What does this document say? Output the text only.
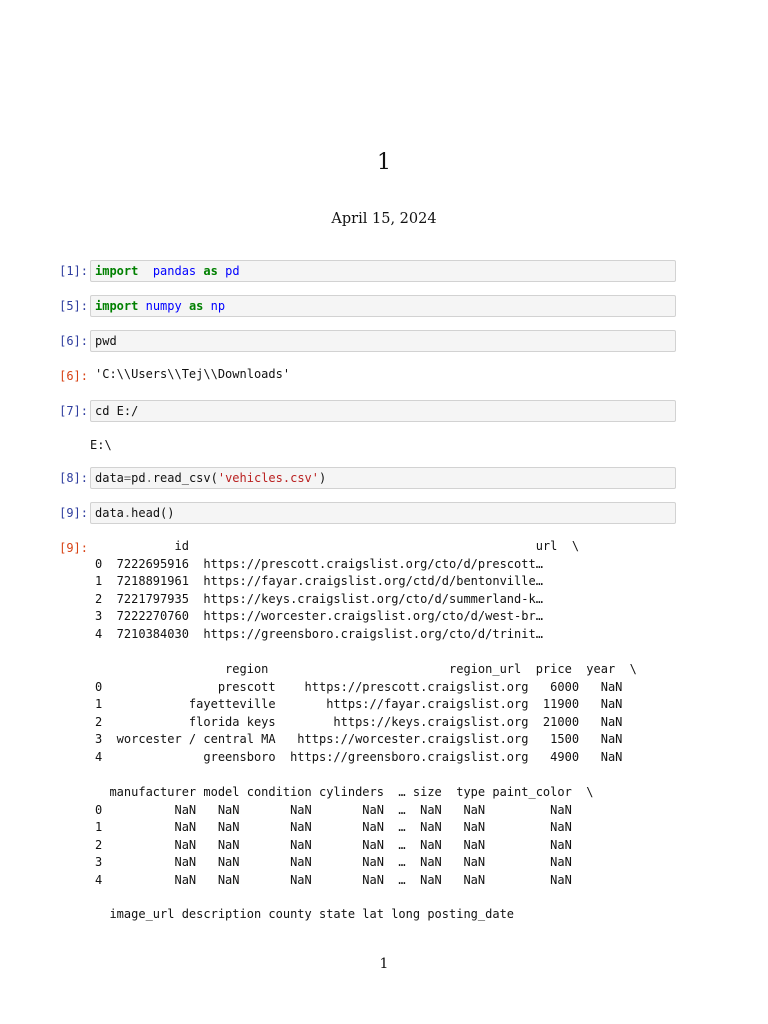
1
April 15, 2024
[1]: import pandas as pd
[5]: import numpy as np
[6]: pwd
[6]: 'C:\\Users\\Tej\\Downloads'
[7]: cd E:/
E:\
[8]: data=pd.read_csv('vehicles.csv')
[9]: data.head()
[9]: id                                                url  \
0  7222695916  https://prescott.craigslist.org/cto/d/prescott…
1  7218891961  https://fayar.craigslist.org/ctd/d/bentonville…
2  7221797935  https://keys.craigslist.org/cto/d/summerland-k…
3  7222270760  https://worcester.craigslist.org/cto/d/west-br…
4  7210384030  https://greensboro.craigslist.org/cto/d/trinit…
region                         region_url  price  year  \
0                prescott    https://prescott.craigslist.org   6000   NaN
1            fayetteville       https://fayar.craigslist.org  11900   NaN
2            florida keys        https://keys.craigslist.org  21000   NaN
3  worcester / central MA   https://worcester.craigslist.org   1500   NaN
4              greensboro  https://greensboro.craigslist.org   4900   NaN
manufacturer model condition cylinders  … size  type paint_color  \
0          NaN   NaN       NaN       NaN  …  NaN   NaN         NaN
1          NaN   NaN       NaN       NaN  …  NaN   NaN         NaN
2          NaN   NaN       NaN       NaN  …  NaN   NaN         NaN
3          NaN   NaN       NaN       NaN  …  NaN   NaN         NaN
4          NaN   NaN       NaN       NaN  …  NaN   NaN         NaN
image_url description county state lat long posting_date
1
